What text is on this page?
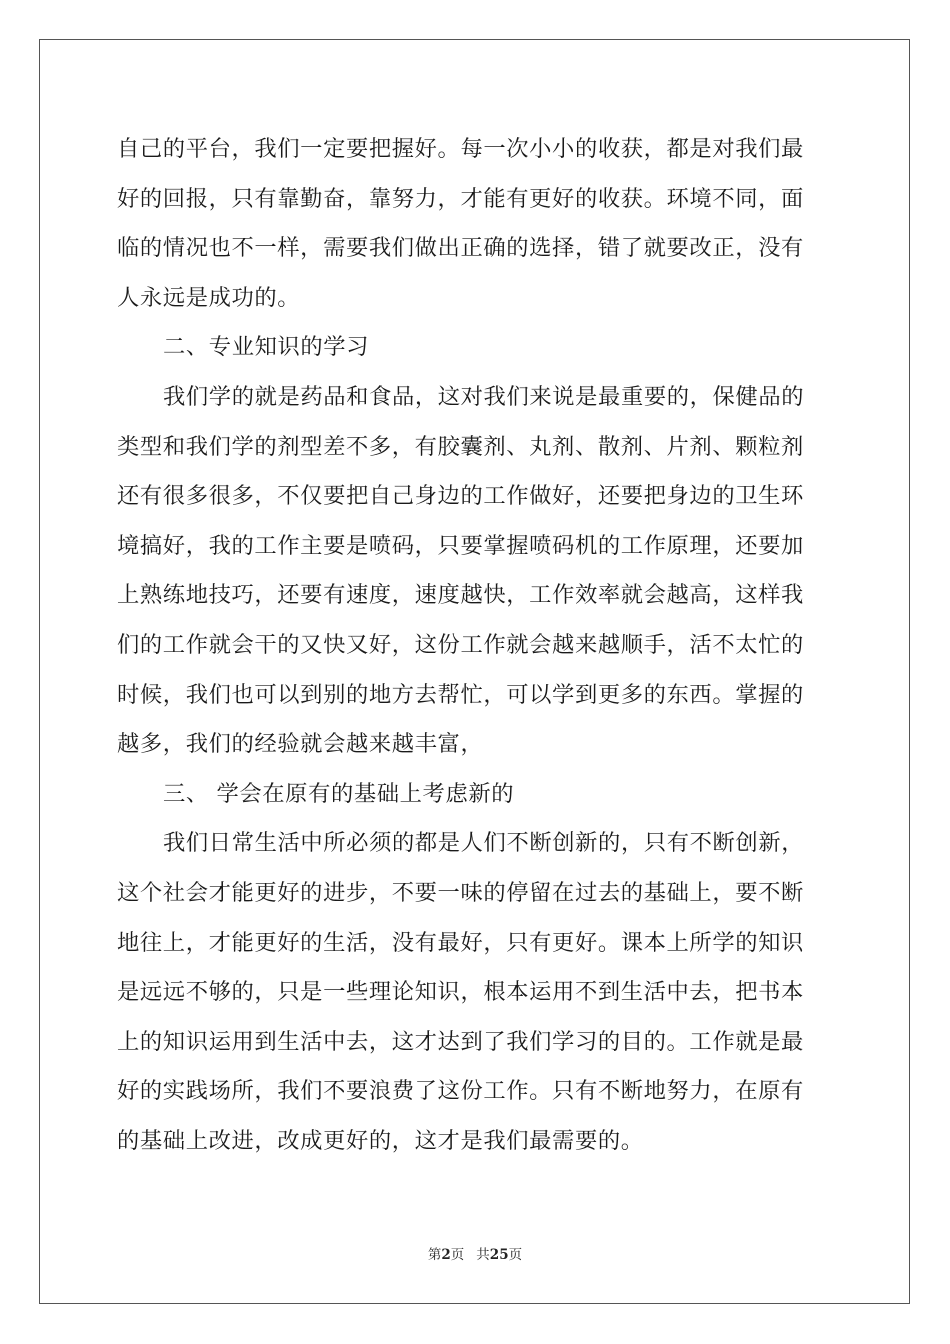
自己的平台，我们一定要把握好。每一次小小的收获，都是对我们最
好的回报，只有靠勤奋，靠努力，才能有更好的收获。环境不同，面
临的情况也不一样，需要我们做出正确的选择，错了就要改正，没有
人永远是成功的。
二、专业知识的学习
我们学的就是药品和食品，这对我们来说是最重要的，保健品的
类型和我们学的剂型差不多，有胶囊剂、丸剂、散剂、片剂、颗粒剂
还有很多很多，不仅要把自己身边的工作做好，还要把身边的卫生环
境搞好，我的工作主要是喷码，只要掌握喷码机的工作原理，还要加
上熟练地技巧，还要有速度，速度越快，工作效率就会越高，这样我
们的工作就会干的又快又好，这份工作就会越来越顺手，活不太忙的
时候，我们也可以到别的地方去帮忙，可以学到更多的东西。掌握的
越多，我们的经验就会越来越丰富，
三、 学会在原有的基础上考虑新的
我们日常生活中所必须的都是人们不断创新的，只有不断创新，
这个社会才能更好的进步，不要一味的停留在过去的基础上，要不断
地往上，才能更好的生活，没有最好，只有更好。课本上所学的知识
是远远不够的，只是一些理论知识，根本运用不到生活中去，把书本
上的知识运用到生活中去，这才达到了我们学习的目的。工作就是最
好的实践场所，我们不要浪费了这份工作。只有不断地努力，在原有
的基础上改进，改成更好的，这才是我们最需要的。
第2页 共25页
